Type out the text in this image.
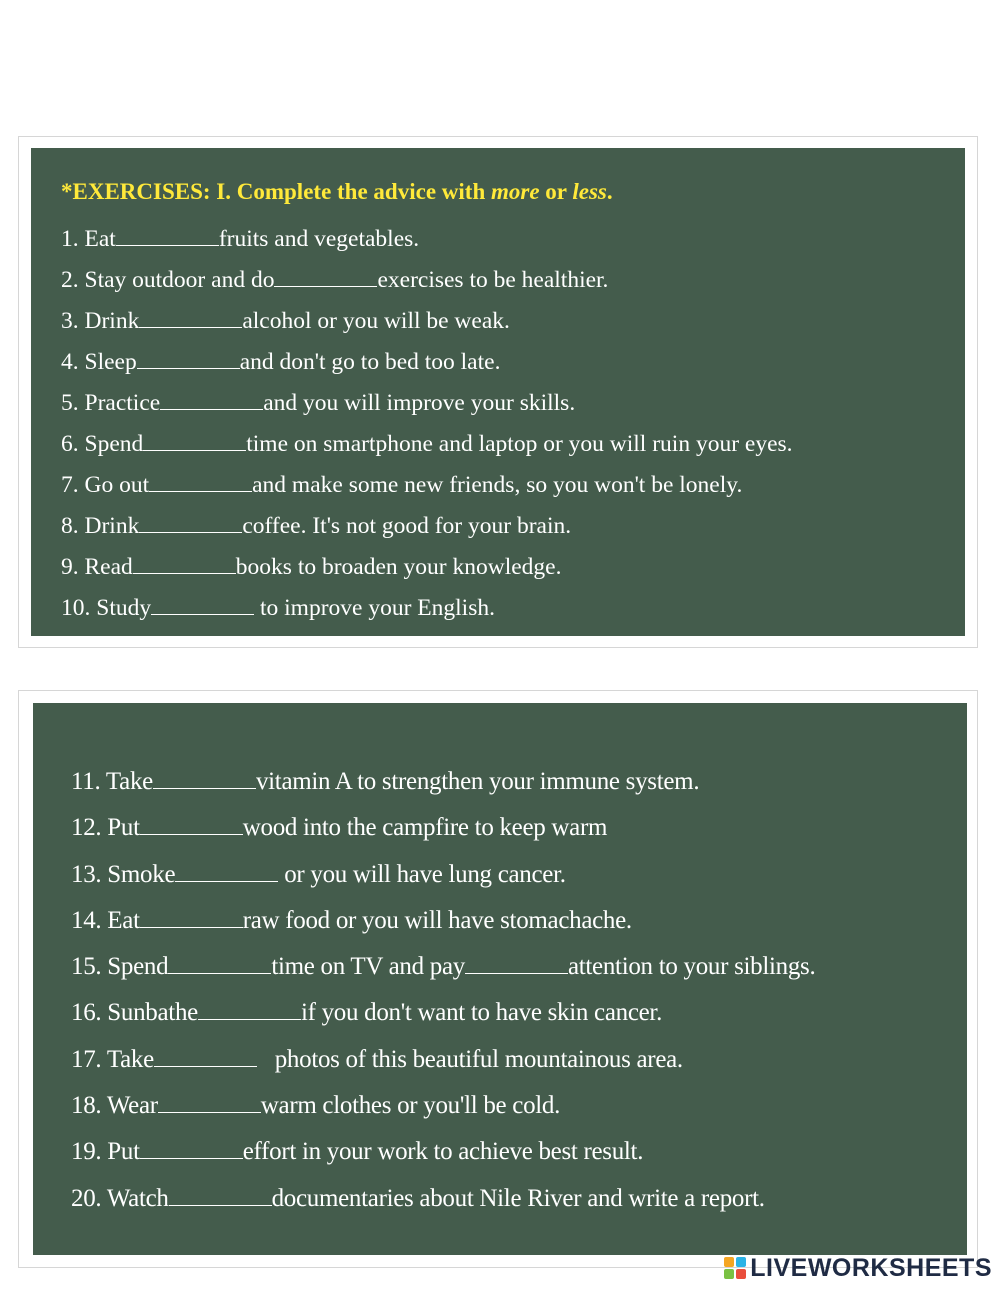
*EXERCISES: I. Complete the advice with more or less.

1. Eat	fruits and vegetables.

2. Stay outdoor and do	exercises to be healthier.

3. Drink	alcohol or you will be weak.

4. Sleep	and don't go to bed too late.

5. Practice	and you will improve your skills.

6. Spend	time on smartphone and laptop or you will ruin your eyes.

7. Go out	and make some new friends, so you won't be lonely.

8. Drink	coffee. It's not good for your brain.

9. Read	books to broaden your knowledge.

10. Study	to improve your English.

11. Take	vitamin A to strengthen your immune system.

12. Put	wood into the campfire to keep warm

13. Smoke	or you will have lung cancer.

14. Eat	raw food or you will have stomachache.

15. Spend	time on TV and pay	attention to your siblings.

16. Sunbathe	if you don't want to have skin cancer.

17. Take	photos of this beautiful mountainous area.

18. Wear	warm clothes or you'll be cold.

19. Put	effort in your work to achieve best result.

20. Watch	documentaries about Nile River and write a report.

LIVEWORKSHEETS
